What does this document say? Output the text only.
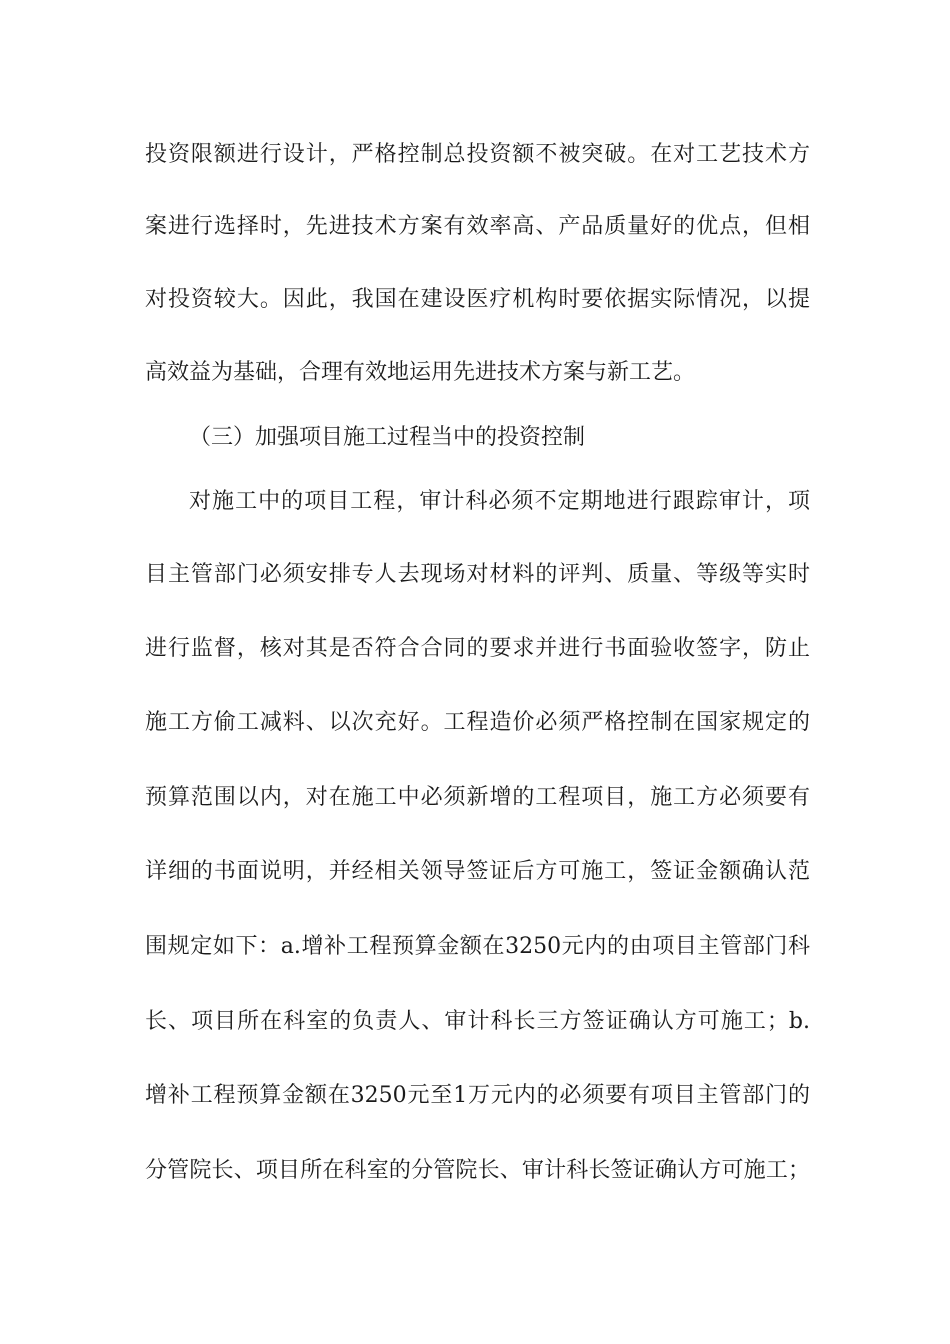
投资限额进行设计，严格控制总投资额不被突破。在对工艺技术方
案进行选择时，先进技术方案有效率高、产品质量好的优点，但相
对投资较大。因此，我国在建设医疗机构时要依据实际情况，以提
高效益为基础，合理有效地运用先进技术方案与新工艺。
（三）加强项目施工过程当中的投资控制
对施工中的项目工程，审计科必须不定期地进行跟踪审计，项
目主管部门必须安排专人去现场对材料的评判、质量、等级等实时
进行监督，核对其是否符合合同的要求并进行书面验收签字，防止
施工方偷工减料、以次充好。工程造价必须严格控制在国家规定的
预算范围以内，对在施工中必须新增的工程项目，施工方必须要有
详细的书面说明，并经相关领导签证后方可施工，签证金额确认范
围规定如下：a.增补工程预算金额在3250元内的由项目主管部门科
长、项目所在科室的负责人、审计科长三方签证确认方可施工；b.
增补工程预算金额在3250元至1万元内的必须要有项目主管部门的
分管院长、项目所在科室的分管院长、审计科长签证确认方可施工；
